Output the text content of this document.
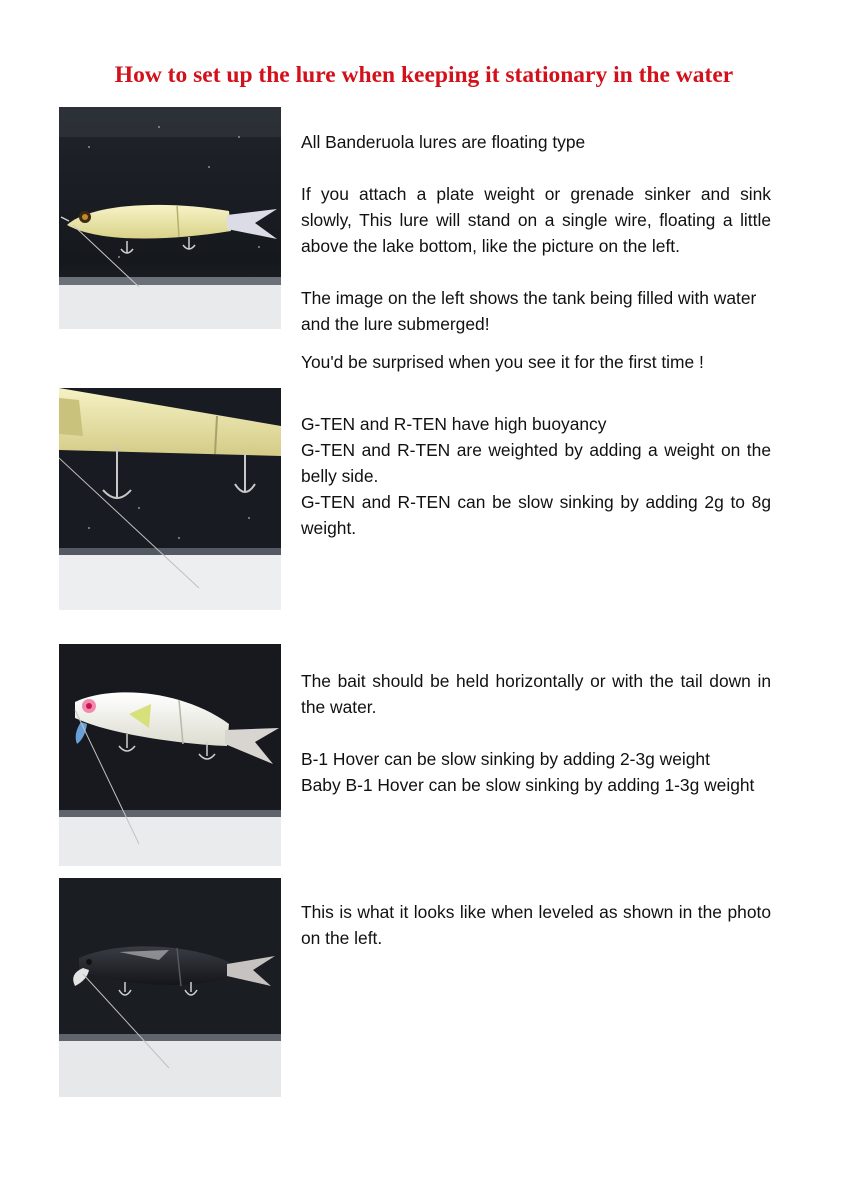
How to set up the lure when keeping it stationary in the water

All Banderuola lures are floating type

If you attach a plate weight or grenade sinker and sink slowly, This lure will stand on a single wire, floating a little above the lake bottom, like the picture on the left.

The image on the left shows the tank being filled with water and the lure submerged!

You'd be surprised when you see it for the first time !

G-TEN and R-TEN have high buoyancy

G-TEN and R-TEN are weighted by adding a weight on the belly side.

G-TEN and R-TEN can be slow sinking by adding 2g to 8g weight.

The bait should be held horizontally or with the tail down in the water.

B-1 Hover can be slow sinking by adding 2-3g weight

Baby B-1 Hover can be slow sinking by adding 1-3g weight

This is what it looks like when leveled as shown in the photo on the left.
